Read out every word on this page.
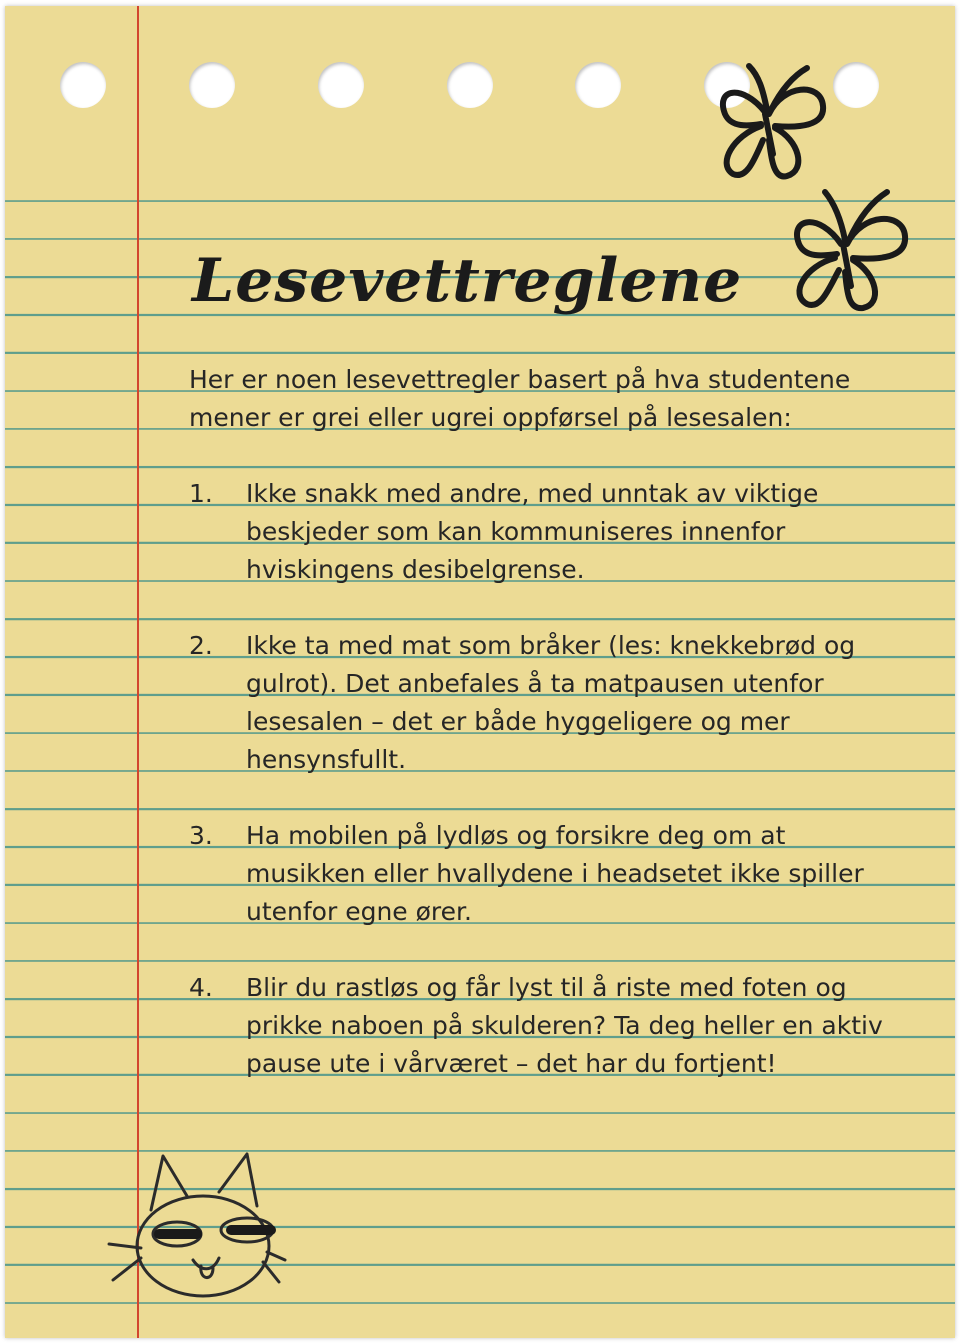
Lesevettreglene

Her er noen lesevettregler basert på hva studentene mener er grei eller ugrei oppførsel på lesesalen:

1.	Ikke snakk med andre, med unntak av viktige beskjeder som kan kommuniseres innenfor hviskingens desibelgrense.

2.	Ikke ta med mat som bråker (les: knekkebrød og gulrot). Det anbefales å ta matpausen utenfor lesesalen – det er både hyggeligere og mer hensynsfullt.

3.	Ha mobilen på lydløs og forsikre deg om at musikken eller hvallydene i headsetet ikke spiller utenfor egne ører.

4.	Blir du rastløs og får lyst til å riste med foten og prikke naboen på skulderen? Ta deg heller en aktiv pause ute i vårværet – det har du fortjent!
